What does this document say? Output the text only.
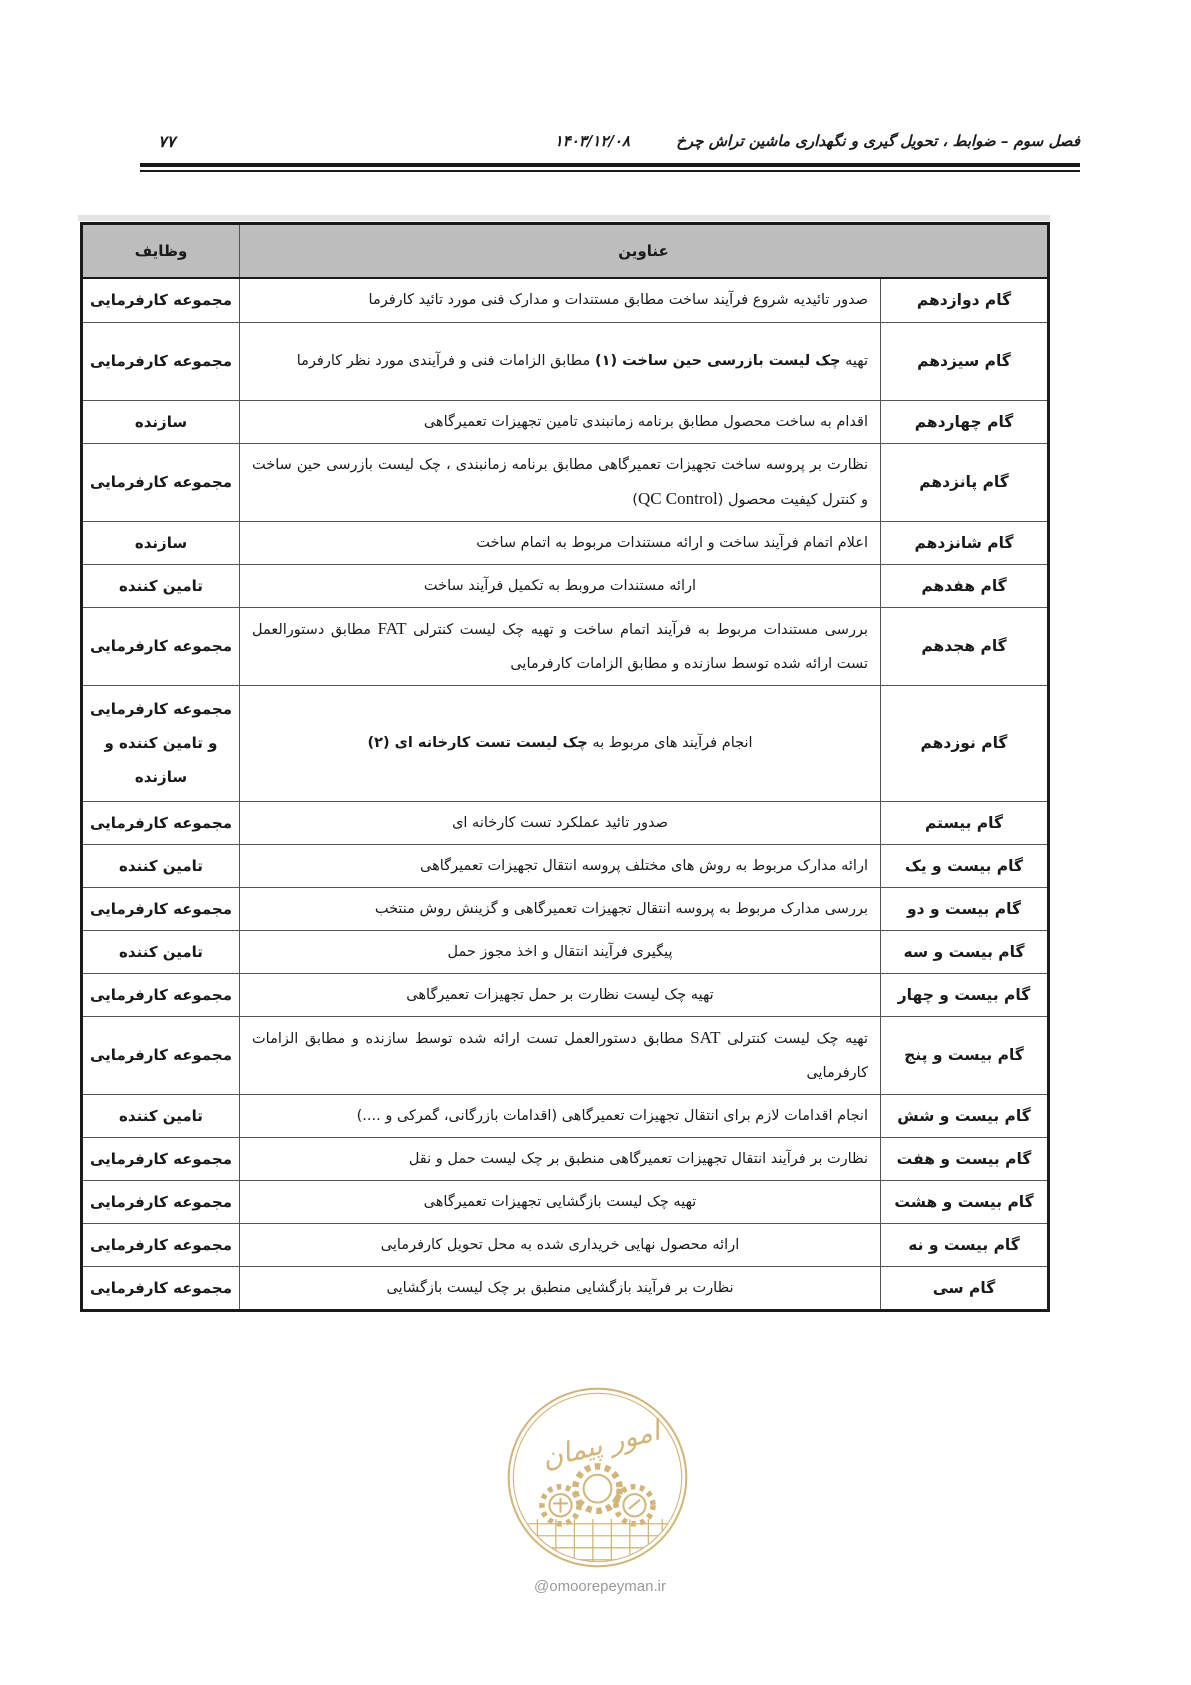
فصل سوم – ضوابط ، تحویل گیری و نگهداری ماشین تراش چرخ
۱۴۰۳/۱۲/۰۸
۷۷
عناوین		وظایف
گام دوازدهم	صدور تائیدیه شروع فرآیند ساخت مطابق مستندات و مدارک فنی مورد تائید کارفرما	مجموعه کارفرمایی
گام سیزدهم	تهیه چک لیست بازرسی حین ساخت (۱) مطابق الزامات فنی و فرآیندی مورد نظر کارفرما	مجموعه کارفرمایی
گام چهاردهم	اقدام به ساخت محصول مطابق برنامه زمانبندی تامین تجهیزات تعمیرگاهی	سازنده
گام پانزدهم	نظارت بر پروسه ساخت تجهیزات تعمیرگاهی مطابق برنامه زمانبندی ، چک لیست بازرسی حین ساخت و کنترل کیفیت محصول (QC Control)	مجموعه کارفرمایی
گام شانزدهم	اعلام اتمام فرآیند ساخت و ارائه مستندات مربوط به اتمام ساخت	سازنده
گام هفدهم	ارائه مستندات مروبط به تکمیل فرآیند ساخت	تامین کننده
گام هجدهم	بررسی مستندات مربوط به فرآیند اتمام ساخت و تهیه چک لیست کنترلی FAT مطابق دستورالعمل تست ارائه شده توسط سازنده و مطابق الزامات کارفرمایی	مجموعه کارفرمایی
گام نوزدهم	انجام فرآیند های مربوط به چک لیست تست کارخانه ای (۲)	مجموعه کارفرمایی
و تامین کننده و
سازنده

گام بیستم	صدور تائید عملکرد تست کارخانه ای	مجموعه کارفرمایی
گام بیست و یک	ارائه مدارک مربوط به روش های مختلف پروسه انتقال تجهیزات تعمیرگاهی	تامین کننده
گام بیست و دو	بررسی مدارک مربوط به پروسه انتقال تجهیزات تعمیرگاهی و گزینش روش منتخب	مجموعه کارفرمایی
گام بیست و سه	پیگیری فرآیند انتقال و اخذ مجوز حمل	تامین کننده
گام بیست و چهار	تهیه چک لیست نظارت بر حمل تجهیزات تعمیرگاهی	مجموعه کارفرمایی
گام بیست و پنج	تهیه چک لیست کنترلی SAT مطابق دستورالعمل تست ارائه شده توسط سازنده و مطابق الزامات کارفرمایی	مجموعه کارفرمایی
گام بیست و شش	انجام اقدامات لازم برای انتقال تجهیزات تعمیرگاهی (اقدامات بازرگانی، گمرکی و ....)	تامین کننده
گام بیست و هفت	نظارت بر فرآیند انتقال تجهیزات تعمیرگاهی منطبق بر چک لیست حمل و نقل	مجموعه کارفرمایی
گام بیست و هشت	تهیه چک لیست بازگشایی تجهیزات تعمیرگاهی	مجموعه کارفرمایی
گام بیست و نه	ارائه محصول نهایی خریداری شده به محل تحویل کارفرمایی	مجموعه کارفرمایی
گام سی	نظارت بر فرآیند بازگشایی منطبق بر چک لیست بازگشایی	مجموعه کارفرمایی
امور پیمان
@omoorepeyman.ir
